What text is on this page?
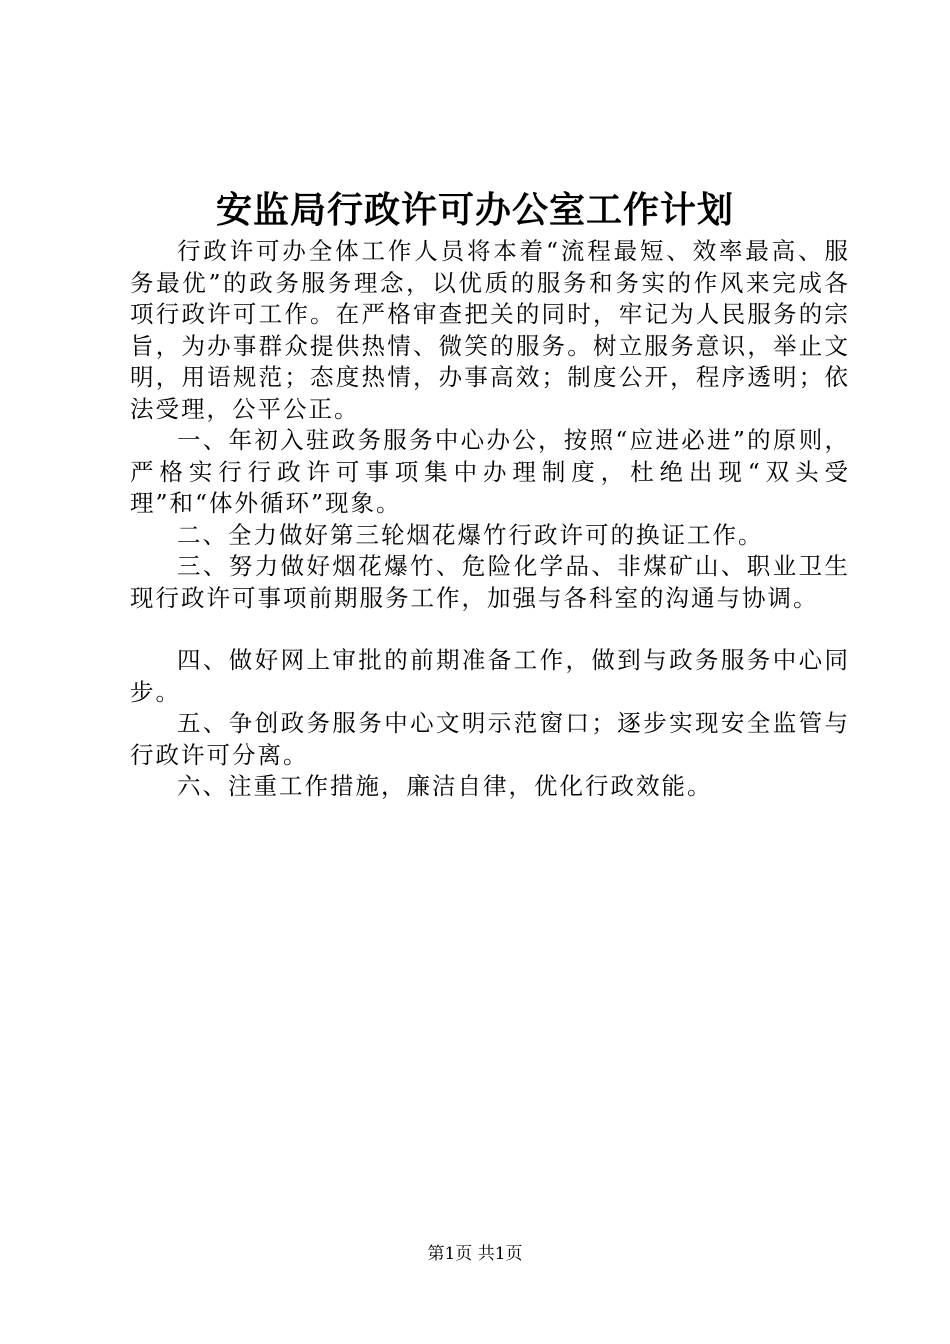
安监局行政许可办公室工作计划

行政许可办全体工作人员将本着“流程最短、效率最高、服务最优”的政务服务理念，以优质的服务和务实的作风来完成各项行政许可工作。在严格审查把关的同时，牢记为人民服务的宗旨，为办事群众提供热情、微笑的服务。树立服务意识，举止文明，用语规范；态度热情，办事高效；制度公开，程序透明；依法受理，公平公正。

一、年初入驻政务服务中心办公，按照“应进必进”的原则，严格实行行政许可事项集中办理制度，杜绝出现“双头受理”和“体外循环”现象。

二、全力做好第三轮烟花爆竹行政许可的换证工作。

三、努力做好烟花爆竹、危险化学品、非煤矿山、职业卫生现行政许可事项前期服务工作，加强与各科室的沟通与协调。

四、做好网上审批的前期准备工作，做到与政务服务中心同步。

五、争创政务服务中心文明示范窗口；逐步实现安全监管与行政许可分离。

六、注重工作措施，廉洁自律，优化行政效能。

第1页 共1页
